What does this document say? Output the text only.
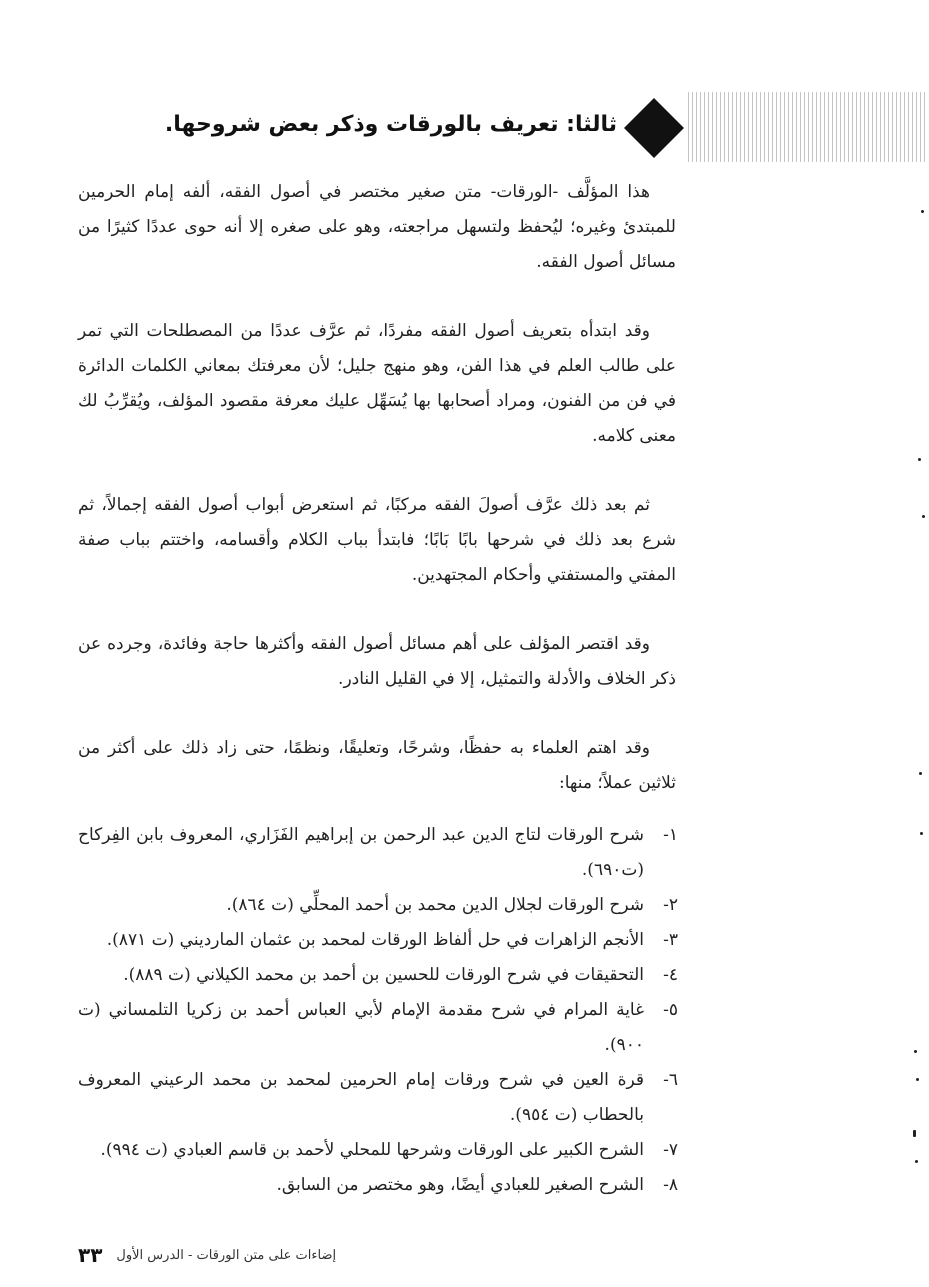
ثالثا: تعريف بالورقات وذكر بعض شروحها.

هذا المؤلَّف -الورقات- متن صغير مختصر في أصول الفقه، ألفه إمام الحرمين للمبتدئ وغيره؛ ليُحفظ ولتسهل مراجعته، وهو على صغره إلا أنه حوى عددًا كثيرًا من مسائل أصول الفقه.

وقد ابتدأه بتعريف أصول الفقه مفردًا، ثم عرَّف عددًا من المصطلحات التي تمر على طالب العلم في هذا الفن، وهو منهج جليل؛ لأن معرفتك بمعاني الكلمات الدائرة في فن من الفنون، ومراد أصحابها بها يُسَهِّل عليك معرفة مقصود المؤلف، ويُقرِّبُ لك معنى كلامه.

ثم بعد ذلك عرَّف أصولَ الفقه مركبًا، ثم استعرض أبواب أصول الفقه إجمالاً، ثم شرع بعد ذلك في شرحها بابًا بَابًا؛ فابتدأ بباب الكلام وأقسامه، واختتم بباب صفة المفتي والمستفتي وأحكام المجتهدين.

وقد اقتصر المؤلف على أهم مسائل أصول الفقه وأكثرها حاجة وفائدة، وجرده عن ذكر الخلاف والأدلة والتمثيل، إلا في القليل النادر.

وقد اهتم العلماء به حفظًا، وشرحًا، وتعليقًا، ونظمًا، حتى زاد ذلك على أكثر من ثلاثين عملاً؛ منها:

١-
شرح الورقات لتاج الدين عبد الرحمن بن إبراهيم الفَزَاري، المعروف بابن الفِركاح (ت٦٩٠).
٢-
شرح الورقات لجلال الدين محمد بن أحمد المحلِّي (ت ٨٦٤).
٣-
الأنجم الزاهرات في حل ألفاظ الورقات لمحمد بن عثمان المارديني (ت ٨٧١).
٤-
التحقيقات في شرح الورقات للحسين بن أحمد بن محمد الكيلاني (ت ٨٨٩).
٥-
غاية المرام في شرح مقدمة الإمام لأبي العباس أحمد بن زكريا التلمساني (ت ٩٠٠).
٦-
قرة العين في شرح ورقات إمام الحرمين لمحمد بن محمد الرعيني المعروف بالحطاب (ت ٩٥٤).
٧-
الشرح الكبير على الورقات وشرحها للمحلي لأحمد بن قاسم العبادي (ت ٩٩٤).
٨-
الشرح الصغير للعبادي أيضًا، وهو مختصر من السابق.
٣٣ إضاءات على متن الورقات - الدرس الأول
